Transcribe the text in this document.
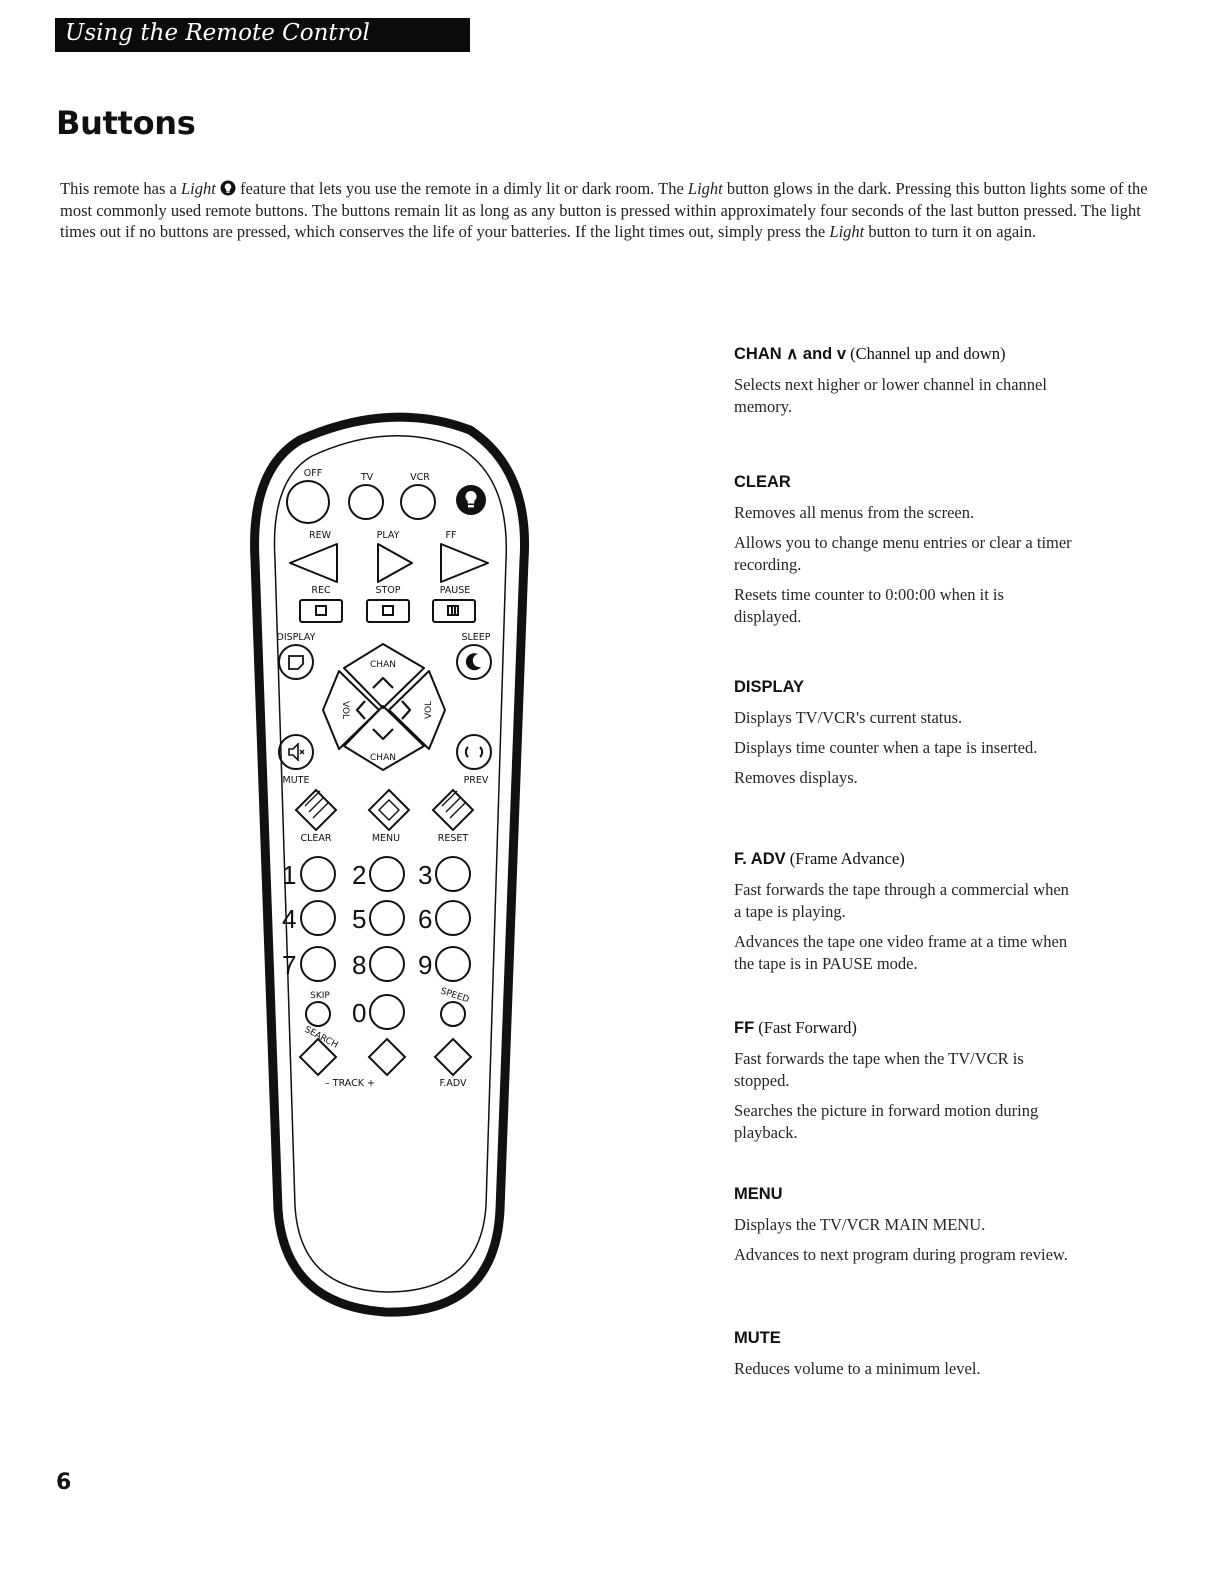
Using the Remote Control
Buttons

This remote has a Light  feature that lets you use the remote in a dimly lit or dark room. The Light button glows in the dark. Pressing this button lights some of the most commonly used remote buttons. The buttons remain lit as long as any button is pressed within approximately four seconds of the last button pressed. The light times out if no buttons are pressed, which conserves the life of your batteries. If the light times out, simply press the Light button to turn it on again.

OFF	TV	VCR
REW	PLAY	FF
REC	STOP	PAUSE
DISPLAY	SLEEP
CHAN
CHAN
VOL	VOL
MUTE	PREV
CLEAR	MENU	RESET
1 2 3
4 5 6
7 8 9
0
SKIP
SEARCH
SPEED
– TRACK +	F.ADV
CHAN ∧ and v (Channel up and down)

Selects next higher or lower channel in channel memory.

CLEAR

Removes all menus from the screen.

Allows you to change menu entries or clear a timer recording.

Resets time counter to 0:00:00 when it is displayed.

DISPLAY

Displays TV/VCR's current status.

Displays time counter when a tape is inserted.

Removes displays.

F. ADV (Frame Advance)

Fast forwards the tape through a commercial when a tape is playing.

Advances the tape one video frame at a time when the tape is in PAUSE mode.

FF (Fast Forward)

Fast forwards the tape when the TV/VCR is stopped.

Searches the picture in forward motion during playback.

MENU

Displays the TV/VCR MAIN MENU.

Advances to next program during program review.

MUTE

Reduces volume to a minimum level.

6
